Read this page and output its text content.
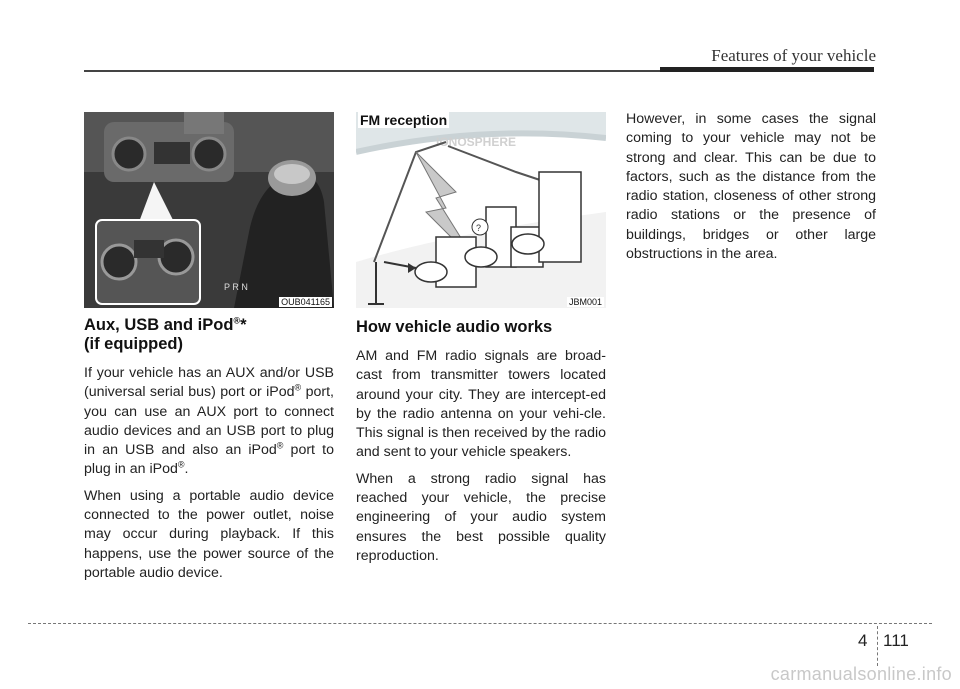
Features of your vehicle
P R N
OUB041165
Aux, USB and iPod®*
(if equipped)

If your vehicle has an AUX and/or USB (universal serial bus) port or iPod® port, you can use an AUX port to connect audio devices and an USB port to plug in an USB and also an iPod® port to plug in an iPod®.

When using a portable audio device connected to the power outlet, noise may occur during playback. If this happens, use the power source of the portable audio device.

IONOSPHERE
?
FM reception
JBM001
How vehicle audio works

AM and FM radio signals are broad-cast from transmitter towers located around your city. They are intercept-ed by the radio antenna on your vehi-cle. This signal is then received by the radio and sent to your vehicle speakers.

When a strong radio signal has reached your vehicle, the precise engineering of your audio system ensures the best possible quality reproduction.

However, in some cases the signal coming to your vehicle may not be strong and clear. This can be due to factors, such as the distance from the radio station, closeness of other strong radio stations or the presence of buildings, bridges or other large obstructions in the area.

4 111
carmanualsonline.info
